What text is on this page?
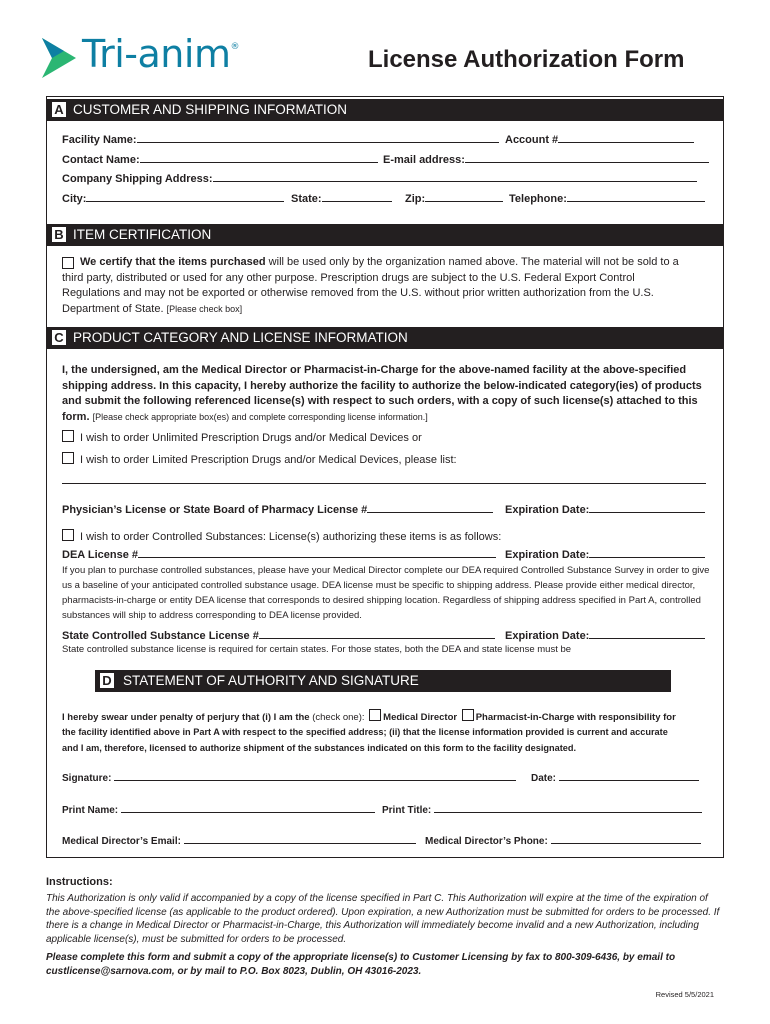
Tri-anim®	License Authorization Form
A CUSTOMER AND SHIPPING INFORMATION
Facility Name:	Account #
Contact Name:	E-mail address:
Company Shipping Address:
City:	State:	Zip:	Telephone:
B ITEM CERTIFICATION
We certify that the items purchased will be used only by the organization named above. The material will not be sold to a third party, distributed or used for any other purpose. Prescription drugs are subject to the U.S. Federal Export Control Regulations and may not be exported or otherwise removed from the U.S. without prior written authorization from the U.S. Department of State. [Please check box]
C PRODUCT CATEGORY AND LICENSE INFORMATION
I, the undersigned, am the Medical Director or Pharmacist-in-Charge for the above-named facility at the above-specified shipping address. In this capacity, I hereby authorize the facility to authorize the below-indicated category(ies) of products and submit the following referenced license(s) with respect to such orders, with a copy of such license(s) attached to this form. [Please check appropriate box(es) and complete corresponding license information.]
I wish to order Unlimited Prescription Drugs and/or Medical Devices or
I wish to order Limited Prescription Drugs and/or Medical Devices, please list:
Physician’s License or State Board of Pharmacy License #	Expiration Date:
I wish to order Controlled Substances: License(s) authorizing these items is as follows:
DEA License #	Expiration Date:
If you plan to purchase controlled substances, please have your Medical Director complete our DEA required Controlled Substance Survey in order to give us a baseline of your anticipated controlled substance usage. DEA license must be specific to shipping address. Please provide either medical director, pharmacists-in-charge or entity DEA license that corresponds to desired shipping location. Regardless of shipping address specified in Part A, controlled substances will ship to address corresponding to DEA license provided.
State Controlled Substance License #	Expiration Date:
State controlled substance license is required for certain states. For those states, both the DEA and state license must be
D STATEMENT OF AUTHORITY AND SIGNATURE
I hereby swear under penalty of perjury that (i) I am the (check one): Medical Director Pharmacist-in-Charge with responsibility for
the facility identified above in Part A with respect to the specified address; (ii) that the license information provided is current and accurate
and I am, therefore, licensed to authorize shipment of the substances indicated on this form to the facility designated.
Signature:	Date:
Print Name:	Print Title:
Medical Director’s Email:	Medical Director’s Phone:
Instructions:
This Authorization is only valid if accompanied by a copy of the license specified in Part C. This Authorization will expire at the time of the expiration of the above-specified license (as applicable to the product ordered). Upon expiration, a new Authorization must be submitted for orders to be processed. If there is a change in Medical Director or Pharmacist-in-Charge, this Authorization will immediately become invalid and a new Authorization, including applicable license(s), must be submitted for orders to be processed.
Please complete this form and submit a copy of the appropriate license(s) to Customer Licensing by fax to 800-309-6436, by email to custlicense@sarnova.com, or by mail to P.O. Box 8023, Dublin, OH 43016-2023.
Revised 5/5/2021
